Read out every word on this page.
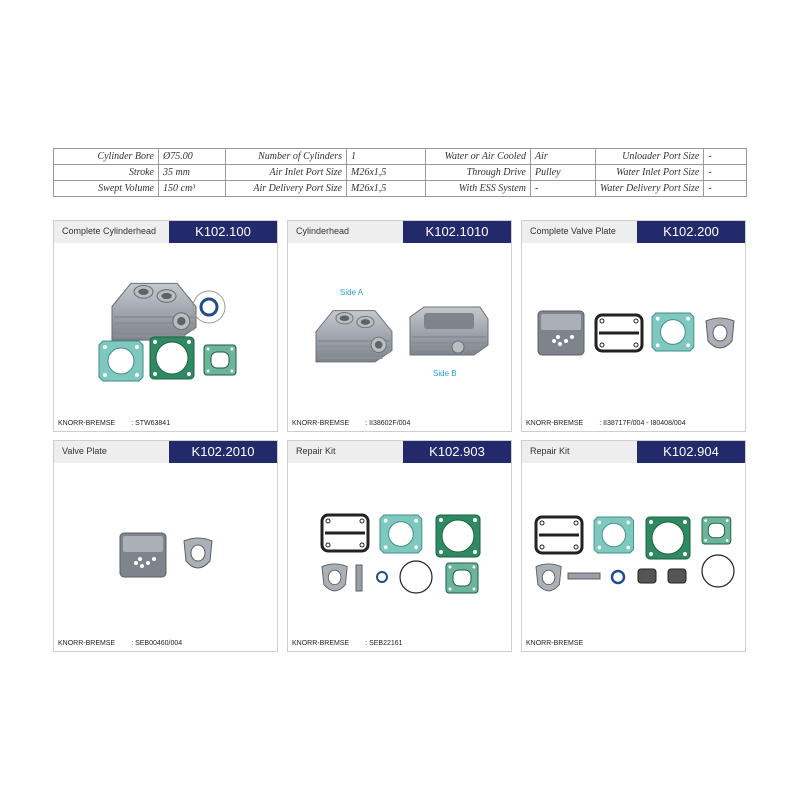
Cylinder Bore	Ø75.00	Number of Cylinders	1	Water or Air Cooled	Air	Unloader Port Size	-
Stroke	35 mm	Air Inlet Port Size	M26x1,5	Through Drive	Pulley	Water Inlet Port Size	-
Swept Volume	150 cm³	Air Delivery Port Size	M26x1,5	With ESS System	-	Water Delivery Port Size	-
Complete Cylinderhead	K102.100
KNORR-BREMSE : STW63841
Cylinderhead	K102.1010
Side A
Side B
KNORR-BREMSE : II38602F/004
Complete Valve Plate	K102.200
KNORR-BREMSE : II38717F/004 - I80408/004
Valve Plate	K102.2010
KNORR-BREMSE : SEB00460/004
Repair Kit	K102.903
KNORR-BREMSE : SEB22161
Repair Kit	K102.904
KNORR-BREMSE
